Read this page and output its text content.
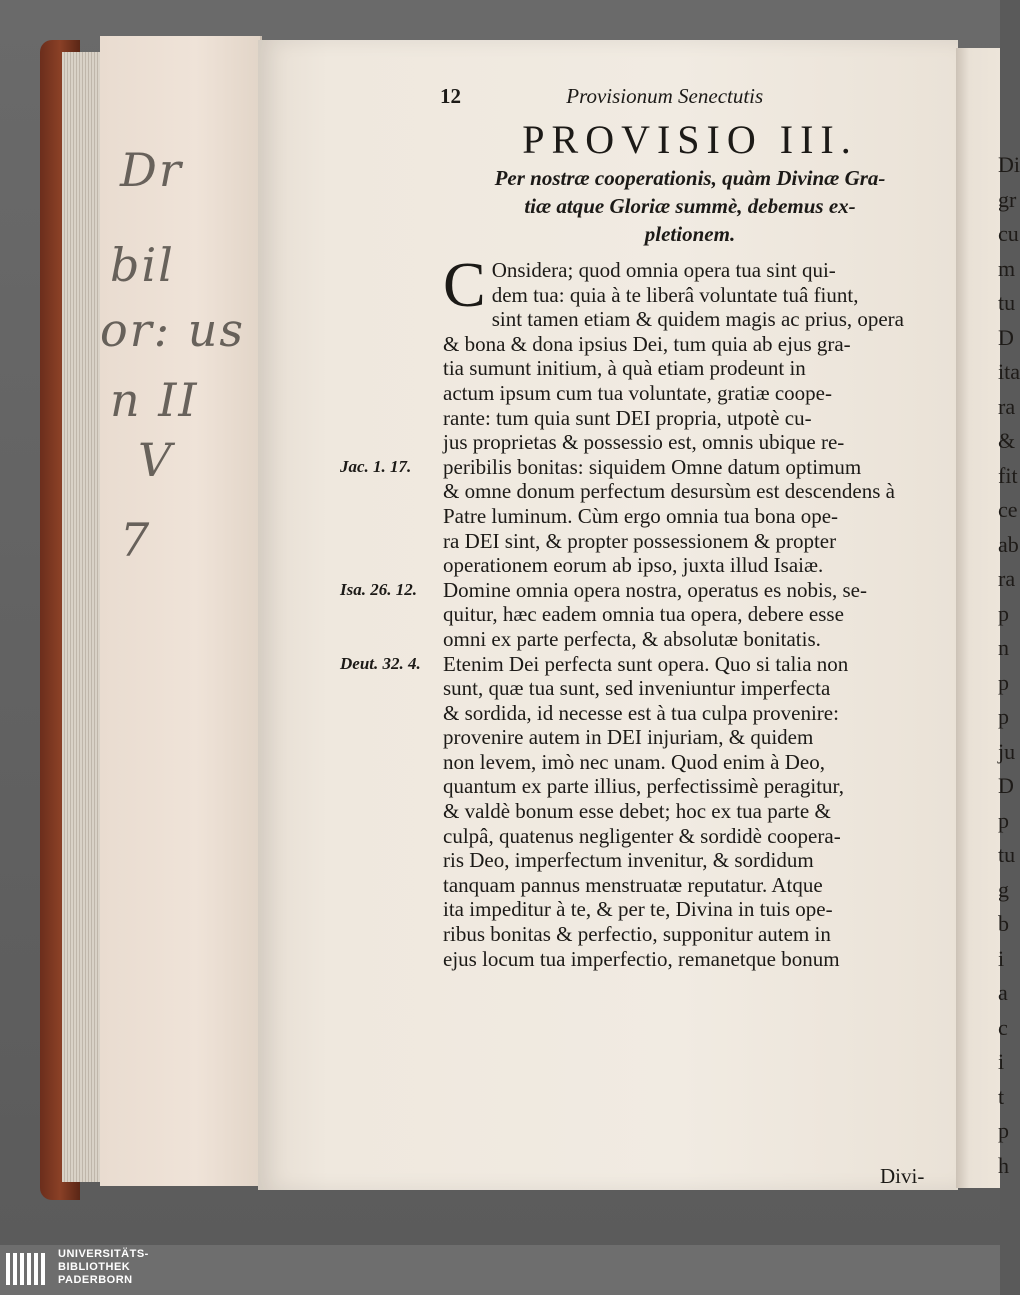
Dr
bil
or: us
n II
V
7
Di
gr
cu
m
tu
D
ita
ra
&
fit
ce
ab
ra
p
n
p
p
ju
D
p
tu
g
b
i
a
c
i
t
p
h
12	Provisionum Senectutis
PROVISIO III.
Per nostræ cooperationis, quàm Divinæ Gra-
tiæ atque Gloriæ summè, debemus ex-
pletionem.
C Onsidera; quod omnia opera tua sint qui-
dem tua: quia à te liberâ voluntate tuâ fiunt,
sint tamen etiam & quidem magis ac prius, opera
& bona & dona ipsius Dei, tum quia ab ejus gra-
tia sumunt initium, à quà etiam prodeunt in
actum ipsum cum tua voluntate, gratiæ coope-
rante: tum quia sunt DEI propria, utpotè cu-
jus proprietas & possessio est, omnis ubique re-
peribilis bonitas: siquidem Omne datum optimum
& omne donum perfectum desursùm est descendens à
Patre luminum. Cùm ergo omnia tua bona ope-
ra DEI sint, & propter possessionem & propter
operationem eorum ab ipso, juxta illud Isaiæ.
Domine omnia opera nostra, operatus es nobis, se-
quitur, hæc eadem omnia tua opera, debere esse
omni ex parte perfecta, & absolutæ bonitatis.
Etenim Dei perfecta sunt opera. Quo si talia non
sunt, quæ tua sunt, sed inveniuntur imperfecta
& sordida, id necesse est à tua culpa provenire:
provenire autem in DEI injuriam, & quidem
non levem, imò nec unam. Quod enim à Deo,
quantum ex parte illius, perfectissimè peragitur,
& valdè bonum esse debet; hoc ex tua parte &
culpâ, quatenus negligenter & sordidè coopera-
ris Deo, imperfectum invenitur, & sordidum
tanquam pannus menstruatæ reputatur. Atque
ita impeditur à te, & per te, Divina in tuis ope-
ribus bonitas & perfectio, supponitur autem in
ejus locum tua imperfectio, remanetque bonum
Jac. 1. 17.
Isa. 26. 12.
Deut. 32. 4.
Divi-
UNIVERSITÄTS-
BIBLIOTHEK
PADERBORN
